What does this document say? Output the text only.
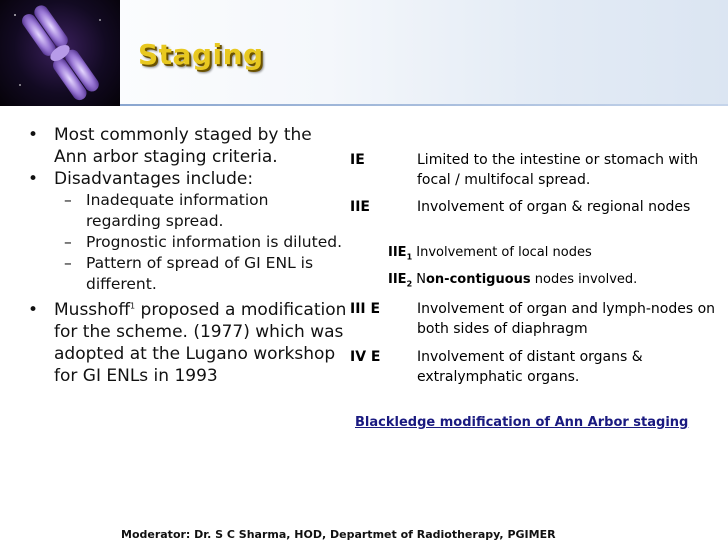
Staging

• Most commonly staged by the Ann arbor staging criteria.

• Disadvantages include:

– Inadequate information regarding spread.

– Prognostic information is diluted.

– Pattern of spread of GI ENL is different.

• Musshoff$^1$ proposed a modification for the scheme. (1977) which was adopted at the Lugano workshop for GI ENLs in 1993

IE	Limited to the intestine or stomach with focal / multifocal spread.
IIE	Involvement of organ & regional nodes
$IIE_1$ Involvement of local nodes
$IIE_2$ Non-contiguous nodes involved.
III E	Involvement of organ and lymph-nodes on both sides of diaphragm
IV E	Involvement of distant organs & extralymphatic organs.
Blackledge modification of Ann Arbor staging
Moderator: Dr. S C Sharma, HOD, Departmet of Radiotherapy, PGIMER
